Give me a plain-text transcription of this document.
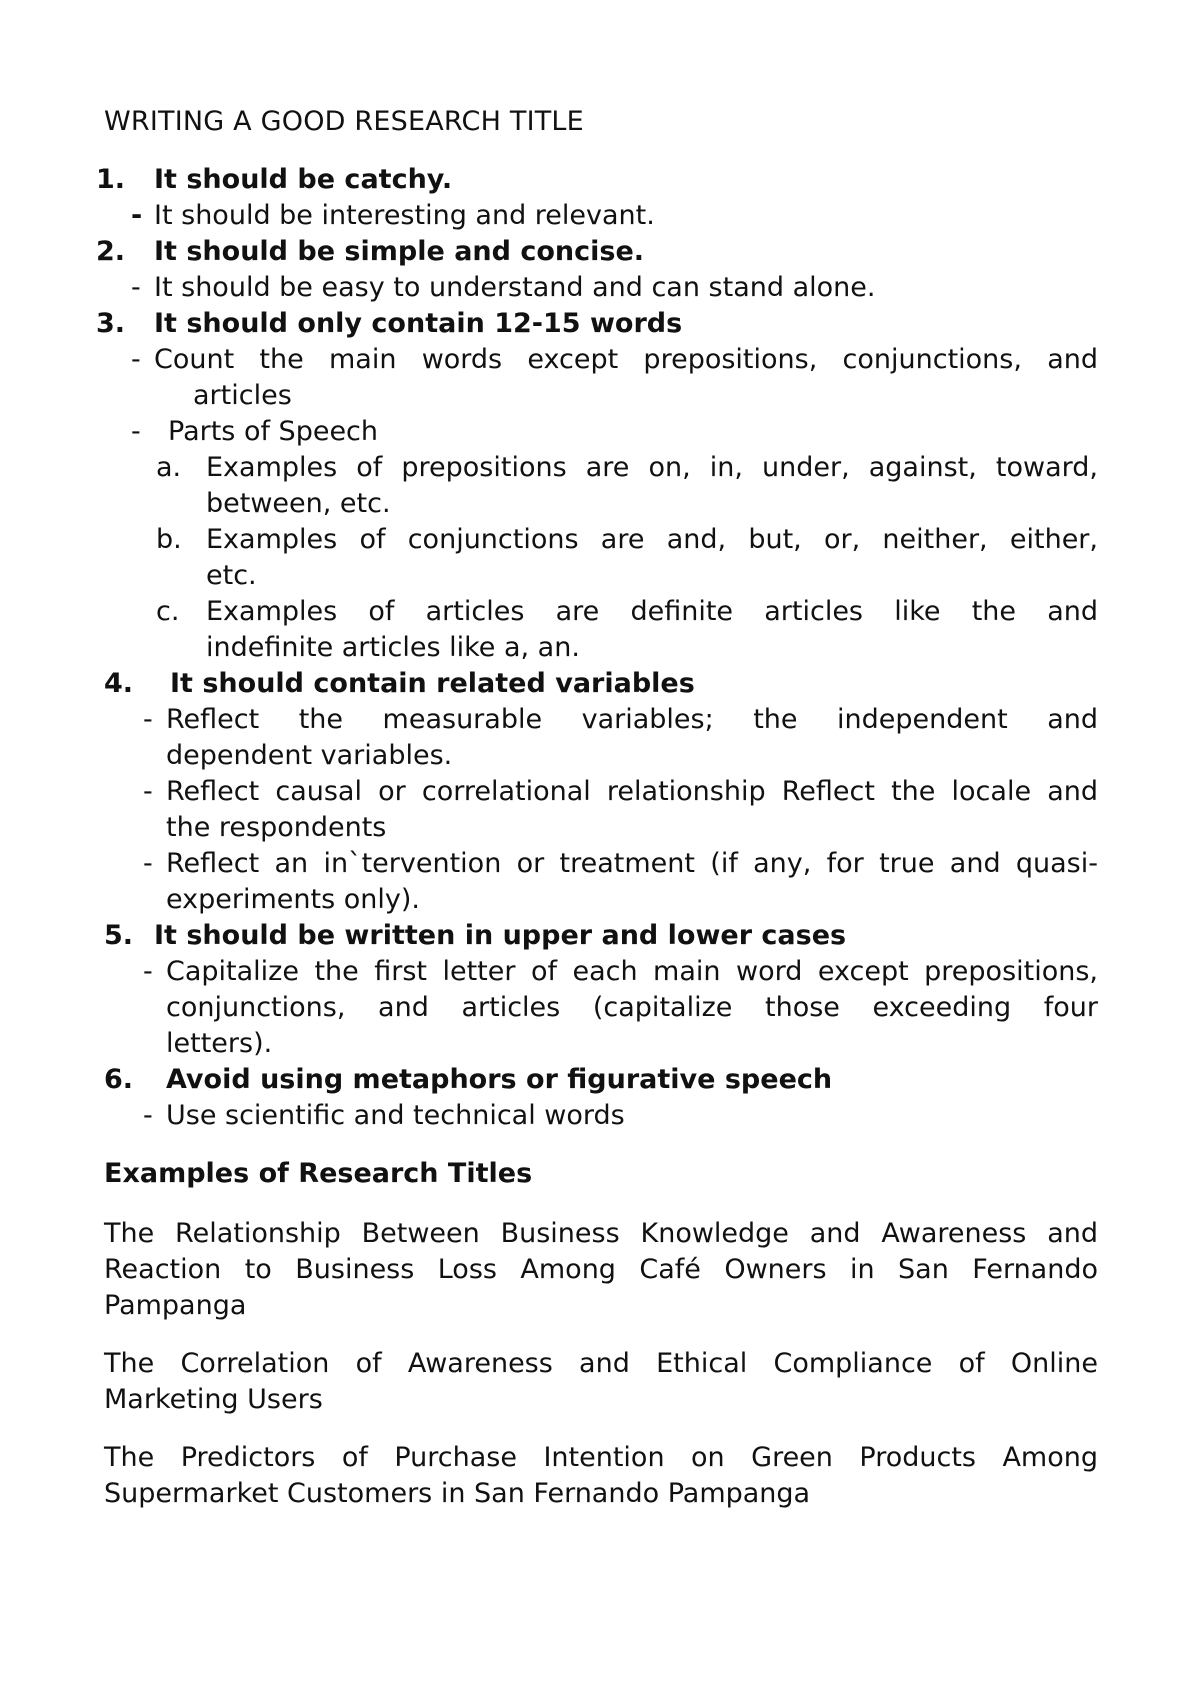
WRITING A GOOD RESEARCH TITLE
1. It should be catchy.
- It should be interesting and relevant.
2. It should be simple and concise.
- It should be easy to understand and can stand alone.
3. It should only contain 12-15 words
- Count the main words except prepositions, conjunctions, and
articles
- Parts of Speech
a. Examples of prepositions are on, in, under, against, toward,
between, etc.
b. Examples of conjunctions are and, but, or, neither, either,
etc.
c. Examples of articles are definite articles like the and
indefinite articles like a, an.
4. It should contain related variables
- Reflect the measurable variables; the independent and
dependent variables.
- Reflect causal or correlational relationship Reflect the locale and
the respondents
- Reflect an in`tervention or treatment (if any, for true and quasi-
experiments only).
5. It should be written in upper and lower cases
- Capitalize the first letter of each main word except prepositions,
conjunctions, and articles (capitalize those exceeding four
letters).
6. Avoid using metaphors or figurative speech
- Use scientific and technical words
Examples of Research Titles
The Relationship Between Business Knowledge and Awareness and
Reaction to Business Loss Among Café Owners in San Fernando
Pampanga
The Correlation of Awareness and Ethical Compliance of Online
Marketing Users
The Predictors of Purchase Intention on Green Products Among
Supermarket Customers in San Fernando Pampanga
